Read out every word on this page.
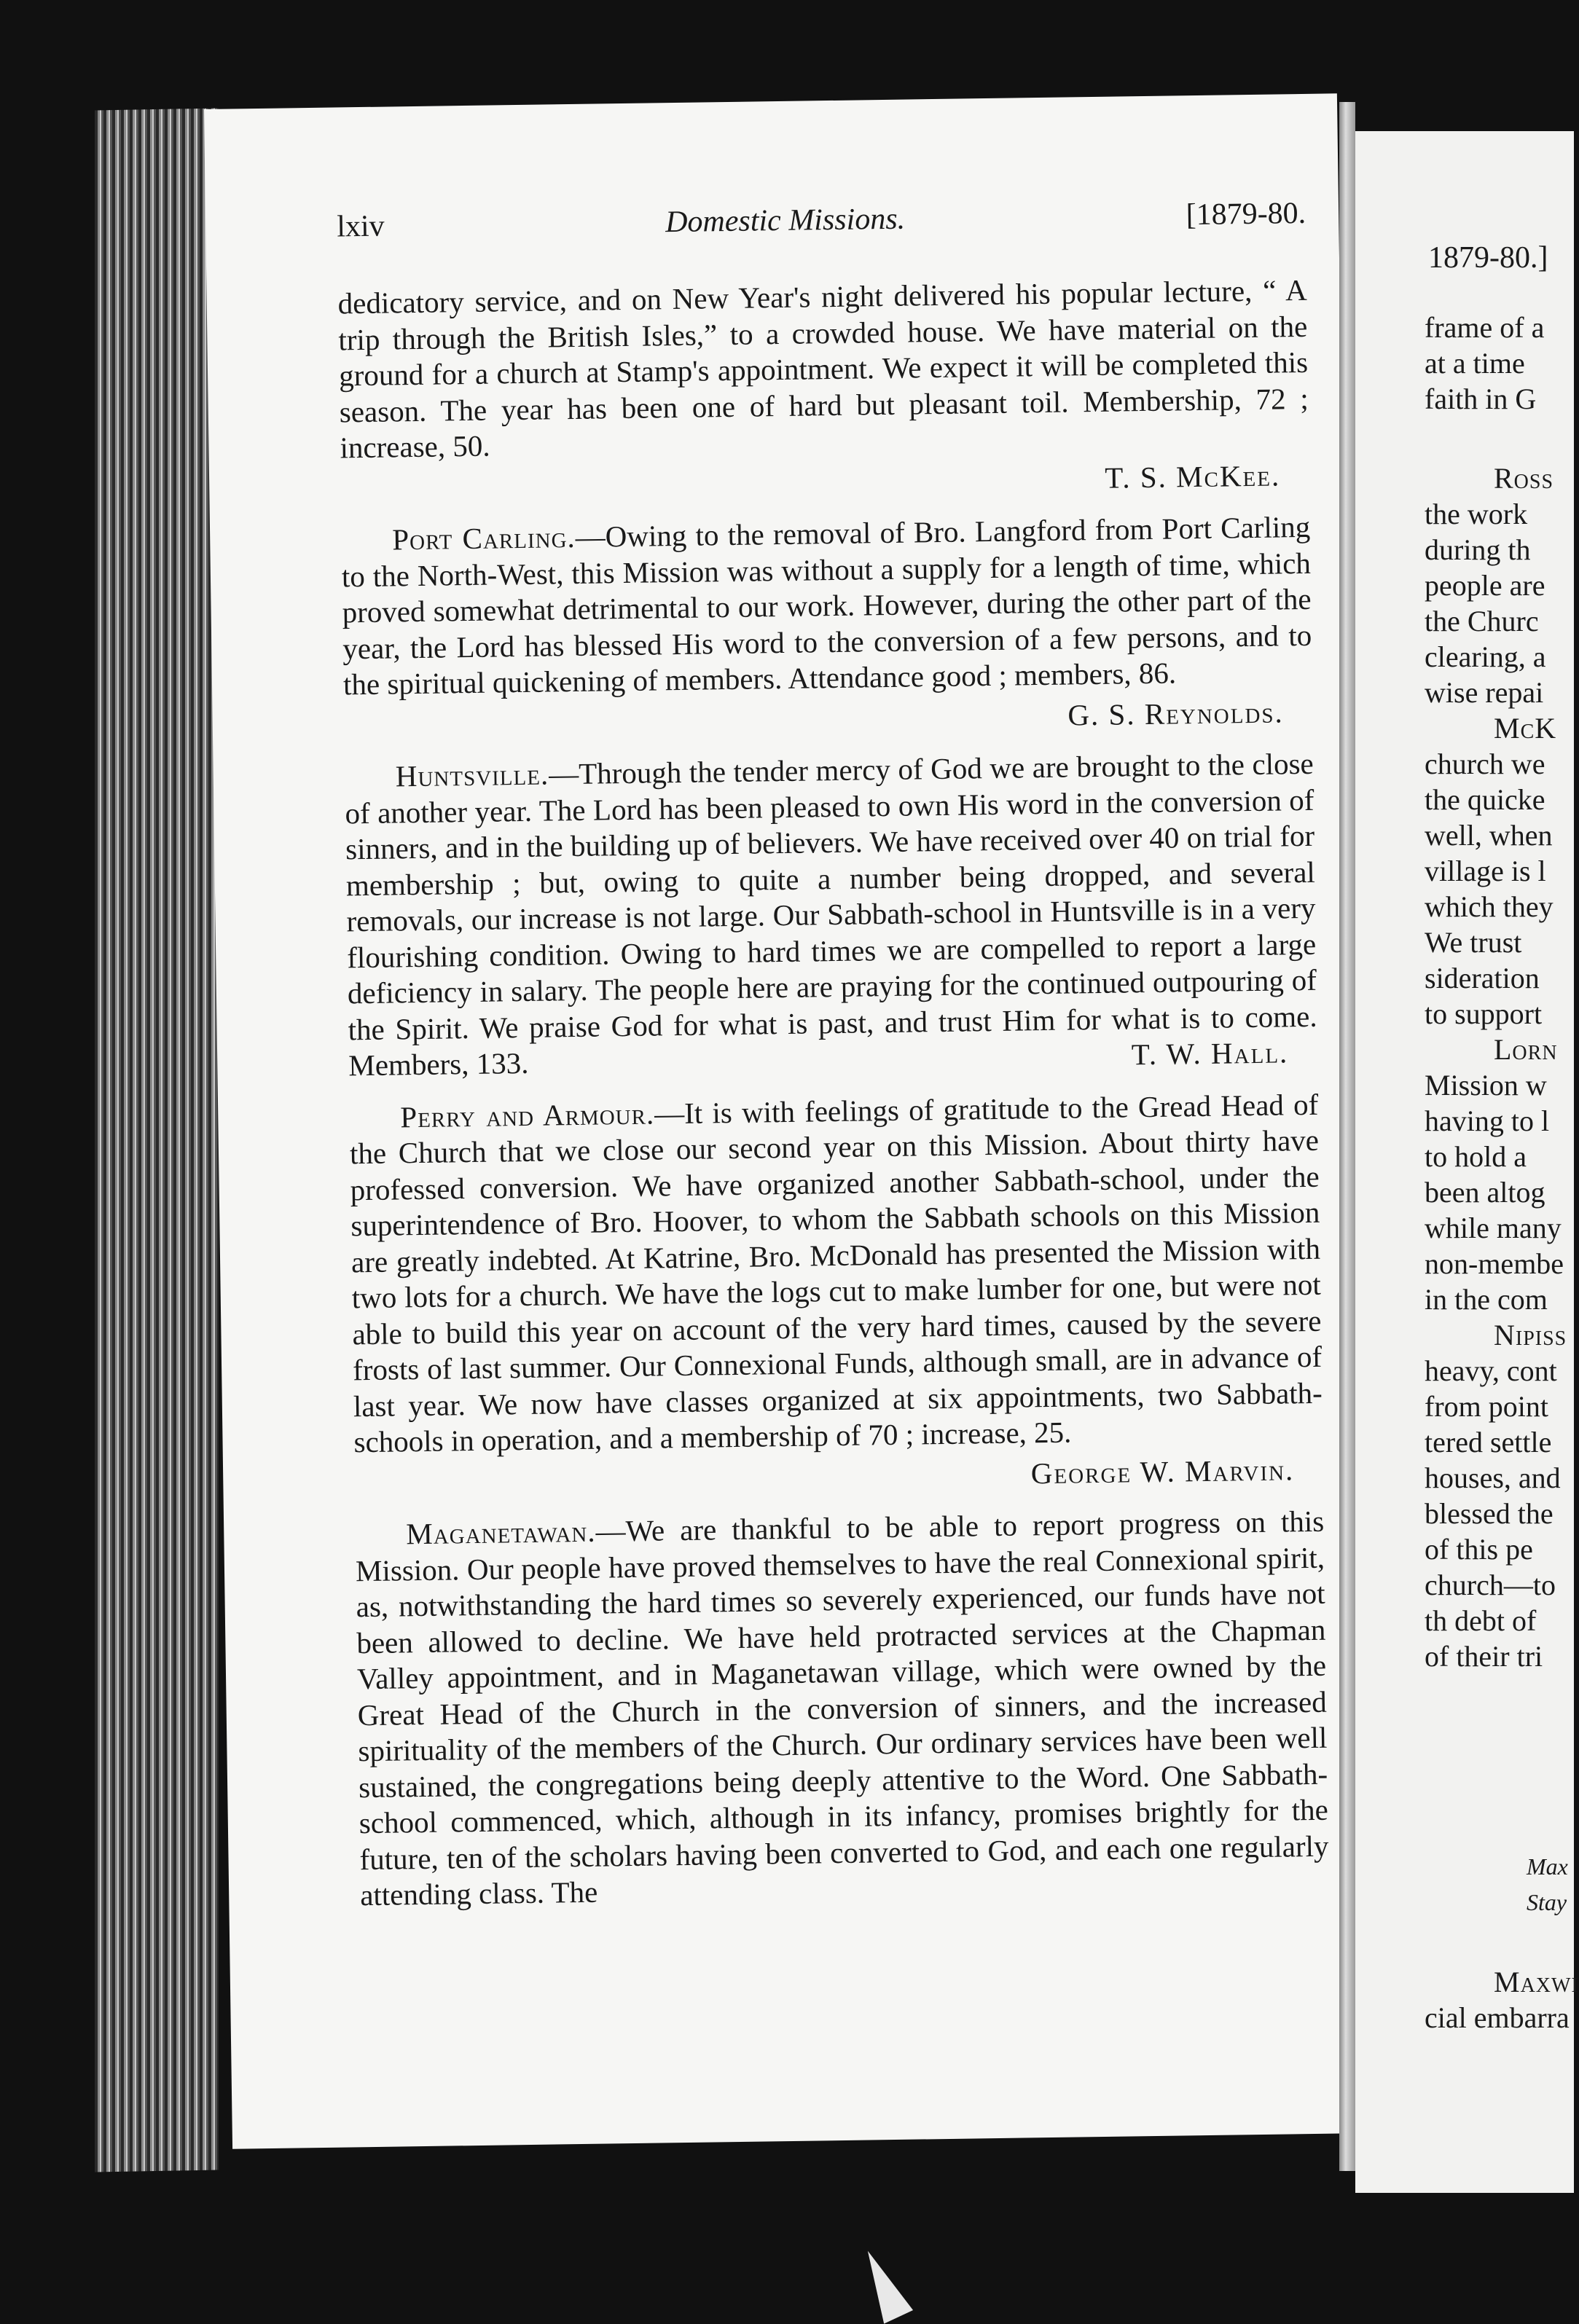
lxiv	Domestic Missions.	[1879-80.

dedicatory service, and on New Year's night delivered his popular lecture, “ A trip through the British Isles,” to a crowded house. We have material on the ground for a church at Stamp's appointment. We expect it will be completed this season. The year has been one of hard but pleasant toil. Membership, 72 ; increase, 50.

T. S. McKee.

Port Carling.—Owing to the removal of Bro. Langford from Port Carling to the North-West, this Mission was without a supply for a length of time, which proved somewhat detrimental to our work. However, during the other part of the year, the Lord has blessed His word to the conversion of a few persons, and to the spiritual quickening of members. Attendance good ; members, 86.

G. S. Reynolds.

Huntsville.—Through the tender mercy of God we are brought to the close of another year. The Lord has been pleased to own His word in the conversion of sinners, and in the building up of believers. We have received over 40 on trial for membership ; but, owing to quite a number being dropped, and several removals, our increase is not large. Our Sabbath-school in Huntsville is in a very flourishing condition. Owing to hard times we are compelled to report a large deficiency in salary. The people here are praying for the continued outpouring of the Spirit. We praise God for what is past, and trust Him for what is to come. Members, 133.	T. W. Hall.

Perry and Armour.—It is with feelings of gratitude to the Gread Head of the Church that we close our second year on this Mission. About thirty have professed conversion. We have organized another Sabbath-school, under the superintendence of Bro. Hoover, to whom the Sabbath schools on this Mission are greatly indebted. At Katrine, Bro. McDonald has presented the Mission with two lots for a church. We have the logs cut to make lumber for one, but were not able to build this year on account of the very hard times, caused by the severe frosts of last summer. Our Connexional Funds, although small, are in advance of last year. We now have classes organized at six appointments, two Sabbath-schools in operation, and a membership of 70 ; increase, 25.

George W. Marvin.

Maganetawan.—We are thankful to be able to report progress on this Mission. Our people have proved themselves to have the real Connexional spirit, as, notwithstanding the hard times so severely experienced, our funds have not been allowed to decline. We have held protracted services at the Chapman Valley appointment, and in Maganetawan village, which were owned by the Great Head of the Church in the conversion of sinners, and the increased spirituality of the members of the Church. Our ordinary services have been well sustained, the congregations being deeply attentive to the Word. One Sabbath-school commenced, which, although in its infancy, promises brightly for the future, ten of the scholars having been converted to God, and each one regularly attending class. The

1879-80.]
frame of a
at a time
faith in G
Ross
the work
during th
people are
the Churc
clearing, a
wise repai
McK
church we
the quicke
well, when
village is l
which they
We trust
sideration
to support
Lorn
Mission w
having to l
to hold a
been altog
while many
non-membe
in the com
Nipiss
heavy, cont
from point
tered settle
houses, and
blessed the
of this pe
church—to
th debt of
of their tri
Max
Stay
Maxwi
cial embarra
